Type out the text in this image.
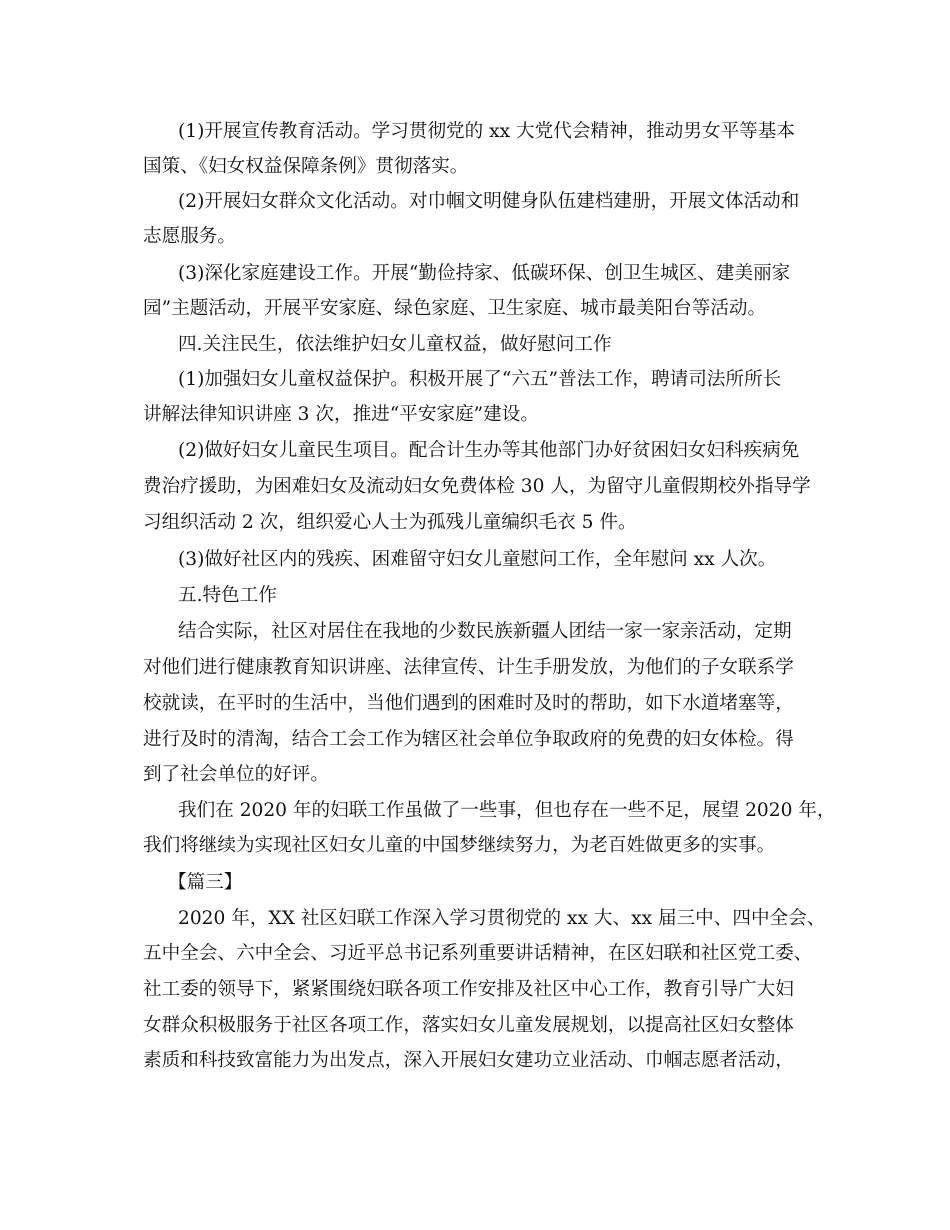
(1)开展宣传教育活动。学习贯彻党的 xx 大党代会精神，推动男女平等基本
国策、《妇女权益保障条例》贯彻落实。
(2)开展妇女群众文化活动。对巾帼文明健身队伍建档建册，开展文体活动和
志愿服务。
(3)深化家庭建设工作。开展“勤俭持家、低碳环保、创卫生城区、建美丽家
园”主题活动，开展平安家庭、绿色家庭、卫生家庭、城市最美阳台等活动。
四.关注民生，依法维护妇女儿童权益，做好慰问工作
(1)加强妇女儿童权益保护。积极开展了“六五”普法工作，聘请司法所所长
讲解法律知识讲座 3 次，推进“平安家庭”建设。
(2)做好妇女儿童民生项目。配合计生办等其他部门办好贫困妇女妇科疾病免
费治疗援助，为困难妇女及流动妇女免费体检 30 人，为留守儿童假期校外指导学
习组织活动 2 次，组织爱心人士为孤残儿童编织毛衣 5 件。
(3)做好社区内的残疾、困难留守妇女儿童慰问工作，全年慰问 xx 人次。
五.特色工作
结合实际，社区对居住在我地的少数民族新疆人团结一家一家亲活动，定期
对他们进行健康教育知识讲座、法律宣传、计生手册发放，为他们的子女联系学
校就读，在平时的生活中，当他们遇到的困难时及时的帮助，如下水道堵塞等，
进行及时的清淘，结合工会工作为辖区社会单位争取政府的免费的妇女体检。得
到了社会单位的好评。
我们在 2020 年的妇联工作虽做了一些事，但也存在一些不足，展望 2020 年，
我们将继续为实现社区妇女儿童的中国梦继续努力，为老百姓做更多的实事。
【篇三】
2020 年，XX 社区妇联工作深入学习贯彻党的 xx 大、xx 届三中、四中全会、
五中全会、六中全会、习近平总书记系列重要讲话精神，在区妇联和社区党工委、
社工委的领导下，紧紧围绕妇联各项工作安排及社区中心工作，教育引导广大妇
女群众积极服务于社区各项工作，落实妇女儿童发展规划，以提高社区妇女整体
素质和科技致富能力为出发点，深入开展妇女建功立业活动、巾帼志愿者活动，
